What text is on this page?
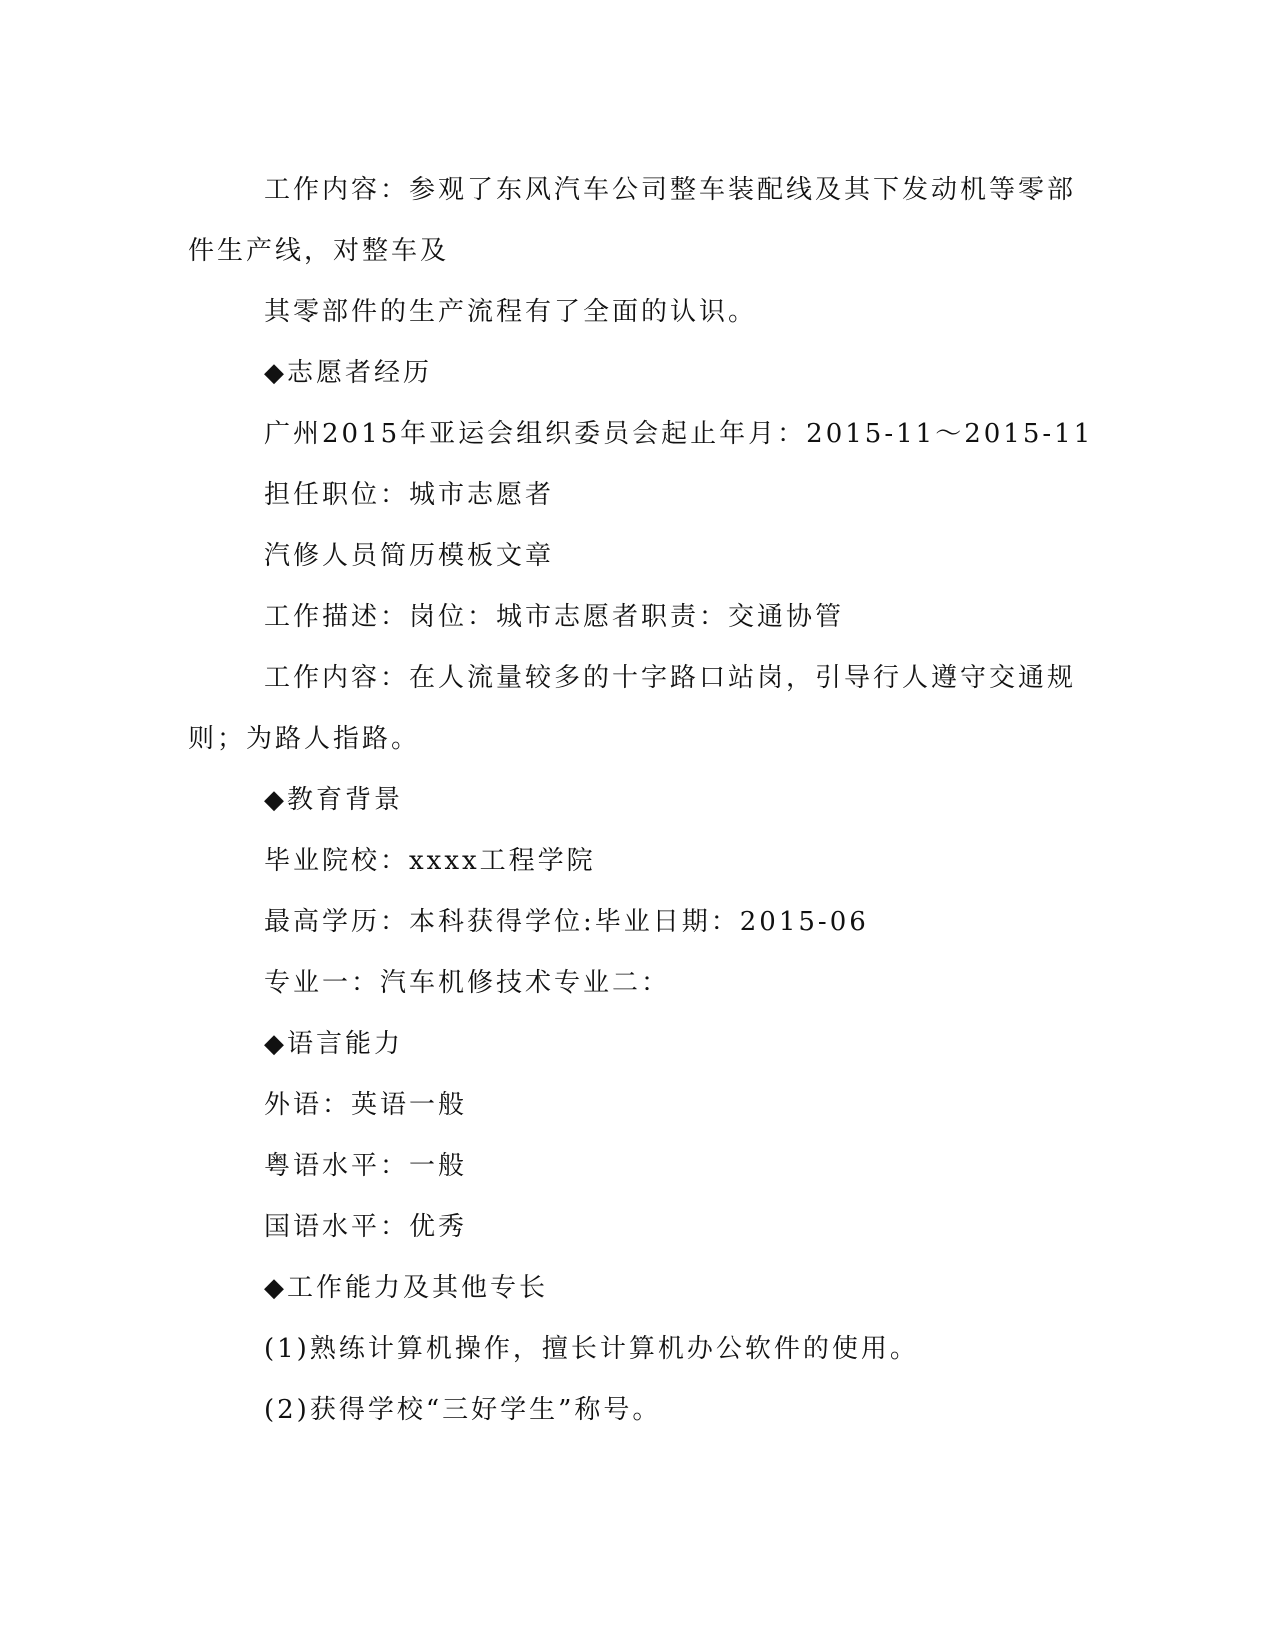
工作内容：参观了东风汽车公司整车装配线及其下发动机等零部件生产线，对整车及

其零部件的生产流程有了全面的认识。

◆志愿者经历

广州2015年亚运会组织委员会起止年月：2015-11～2015-11

担任职位：城市志愿者

汽修人员简历模板文章

工作描述：岗位：城市志愿者职责：交通协管

工作内容：在人流量较多的十字路口站岗，引导行人遵守交通规则；为路人指路。

◆教育背景

毕业院校：xxxx工程学院

最高学历：本科获得学位:毕业日期：2015-06

专业一：汽车机修技术专业二：

◆语言能力

外语：英语一般

粤语水平：一般

国语水平：优秀

◆工作能力及其他专长

(1)熟练计算机操作，擅长计算机办公软件的使用。

(2)获得学校“三好学生”称号。
